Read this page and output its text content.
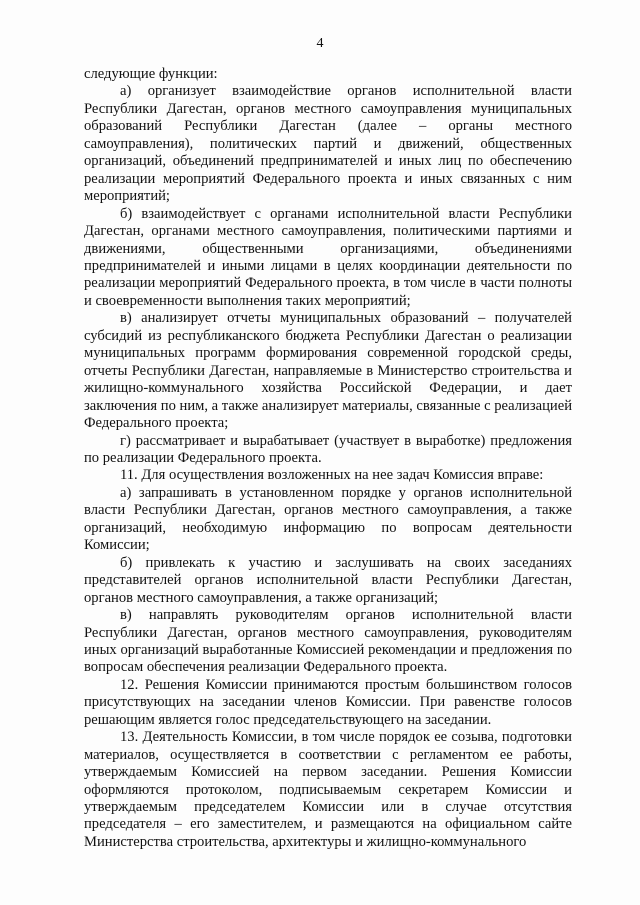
4

следующие функции:

а) организует взаимодействие органов исполнительной власти Республики Дагестан, органов местного самоуправления муниципальных образований Республики Дагестан (далее – органы местного самоуправления), политических партий и движений, общественных организаций, объединений предпринимателей и иных лиц по обеспечению реализации мероприятий Федерального проекта и иных связанных с ним мероприятий;

б) взаимодействует с органами исполнительной власти Республики Дагестан, органами местного самоуправления, политическими партиями и движениями, общественными организациями, объединениями предпринимателей и иными лицами в целях координации деятельности по реализации мероприятий Федерального проекта, в том числе в части полноты и своевременности выполнения таких мероприятий;

в) анализирует отчеты муниципальных образований – получателей субсидий из республиканского бюджета Республики Дагестан о реализации муниципальных программ формирования современной городской среды, отчеты Республики Дагестан, направляемые в Министерство строительства и жилищно-коммунального хозяйства Российской Федерации, и дает заключения по ним, а также анализирует материалы, связанные с реализацией Федерального проекта;

г) рассматривает и вырабатывает (участвует в выработке) предложения по реализации Федерального проекта.

11. Для осуществления возложенных на нее задач Комиссия вправе:

а) запрашивать в установленном порядке у органов исполнительной власти Республики Дагестан, органов местного самоуправления, а также организаций, необходимую информацию по вопросам деятельности Комиссии;

б) привлекать к участию и заслушивать на своих заседаниях представителей органов исполнительной власти Республики Дагестан, органов местного самоуправления, а также организаций;

в) направлять руководителям органов исполнительной власти Республики Дагестан, органов местного самоуправления, руководителям иных организаций выработанные Комиссией рекомендации и предложения по вопросам обеспечения реализации Федерального проекта.

12. Решения Комиссии принимаются простым большинством голосов присутствующих на заседании членов Комиссии. При равенстве голосов решающим является голос председательствующего на заседании.

13. Деятельность Комиссии, в том числе порядок ее созыва, подготовки материалов, осуществляется в соответствии с регламентом ее работы, утверждаемым Комиссией на первом заседании. Решения Комиссии оформляются протоколом, подписываемым секретарем Комиссии и утверждаемым председателем Комиссии или в случае отсутствия председателя – его заместителем, и размещаются на официальном сайте Министерства строительства, архитектуры и жилищно-коммунального
